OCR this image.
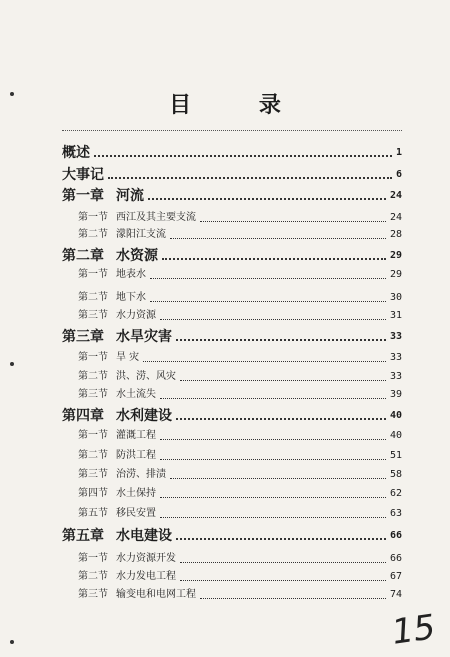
目 录
概述	1
大事记	6
第一章 河流	24
第一节 西江及其主要支流	24
第二节 濛阳江支流	28
第二章 水资源	29
第一节 地表水	29
第二节 地下水	30
第三节 水力资源	31
第三章 水旱灾害	33
第一节 旱 灾	33
第二节 洪、涝、风灾	33
第三节 水土流失	39
第四章 水利建设	40
第一节 灌溉工程	40
第二节 防洪工程	51
第三节 治涝、排渍	58
第四节 水土保持	62
第五节 移民安置	63
第五章 水电建设	66
第一节 水力资源开发	66
第二节 水力发电工程	67
第三节 输变电和电网工程	74
15
